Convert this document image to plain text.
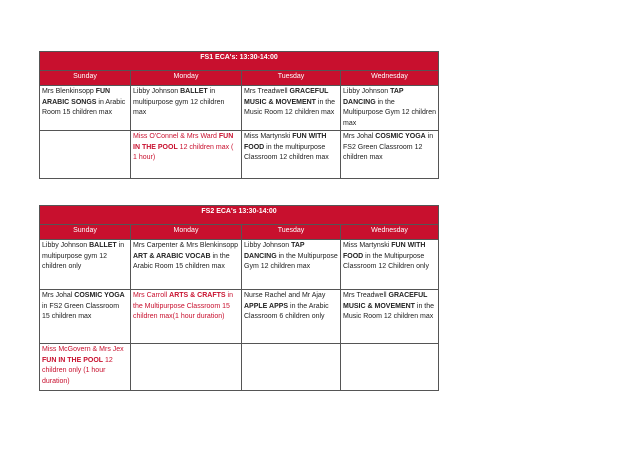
FS1 ECA's: 13:30-14:00			
Sunday	Monday	Tuesday	Wednesday
Mrs Blenkinsopp FUN ARABIC SONGS in Arabic Room 15 children max	Libby Johnson BALLET in multipurpose gym 12 children max	Mrs Treadwell GRACEFUL MUSIC & MOVEMENT in the Music Room 12 children max	Libby Johnson TAP DANCING in the Multipurpose Gym 12 children max
	Miss O'Connel & Mrs Ward FUN IN THE POOL 12 children max ( 1 hour)	Miss Martynski FUN WITH FOOD in the multipurpose Classroom 12 children max	Mrs Johal COSMIC YOGA in FS2 Green Classroom 12 children max
FS2 ECA's 13:30-14:00			
Sunday	Monday	Tuesday	Wednesday
Libby Johnson BALLET in multipurpose gym 12 children only	Mrs Carpenter & Mrs Blenkinsopp ART & ARABIC VOCAB in the Arabic Room 15 children max	Libby Johnson TAP DANCING in the Multipurpose Gym 12 children max	Miss Martynski FUN WITH FOOD in the Multipurpose Classroom 12 Children only
Mrs Johal COSMIC YOGA in FS2 Green Classroom 15 children max	Mrs Carroll ARTS & CRAFTS in the Multipurpose Classroom 15 children max(1 hour duration)	Nurse Rachel and Mr Ajay APPLE APPS in the Arabic Classroom 6 children only	Mrs Treadwell GRACEFUL MUSIC & MOVEMENT in the Music Room 12 children max
Miss McGovern & Mrs Jex FUN IN THE POOL 12 children only (1 hour duration)			
